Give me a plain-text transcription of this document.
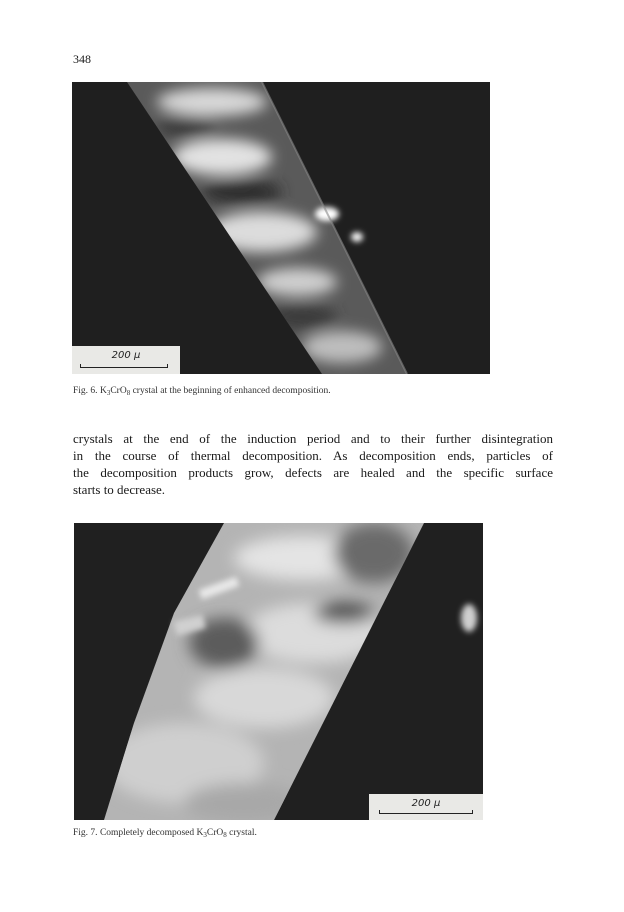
348
200 µ
Fig. 6. $K_3CrO_8$ crystal at the beginning of enhanced decomposition.
crystals at the end of the induction period and to their further disintegration
in the course of thermal decomposition. As decomposition ends, particles of
the decomposition products grow, defects are healed and the specific surface
starts to decrease.
200 µ
Fig. 7. Completely decomposed $K_3CrO_8$ crystal.
